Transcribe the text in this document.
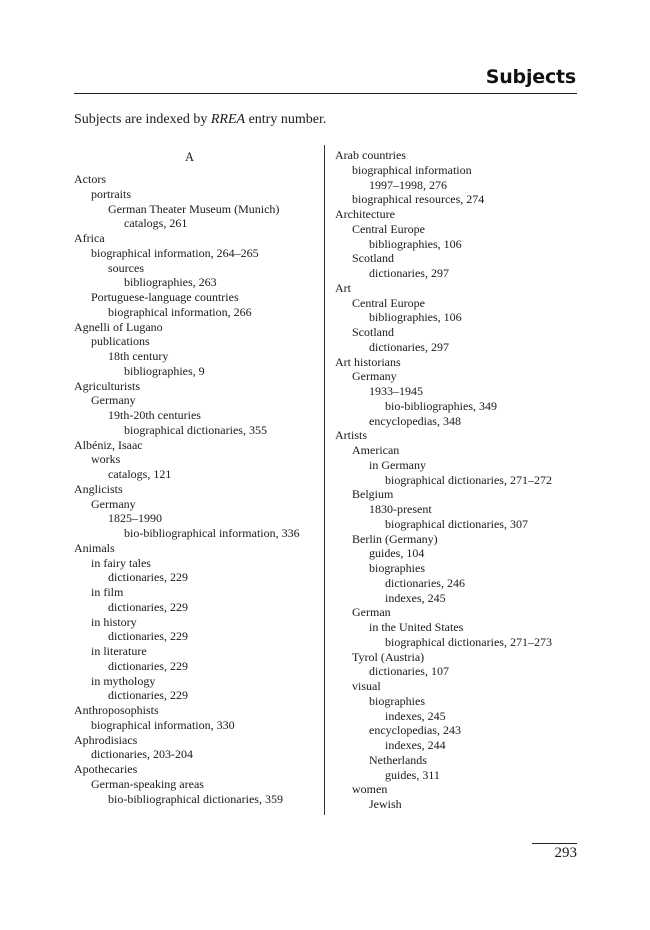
Subjects
Subjects are indexed by RREA entry number.
A
Actors
portraits
German Theater Museum (Munich)
catalogs, 261
Africa
biographical information, 264–265
sources
bibliographies, 263
Portuguese-language countries
biographical information, 266
Agnelli of Lugano
publications
18th century
bibliographies, 9
Agriculturists
Germany
19th-20th centuries
biographical dictionaries, 355
Albéniz, Isaac
works
catalogs, 121
Anglicists
Germany
1825–1990
bio-bibliographical information, 336
Animals
in fairy tales
dictionaries, 229
in film
dictionaries, 229
in history
dictionaries, 229
in literature
dictionaries, 229
in mythology
dictionaries, 229
Anthroposophists
biographical information, 330
Aphrodisiacs
dictionaries, 203-204
Apothecaries
German-speaking areas
bio-bibliographical dictionaries, 359
Arab countries
biographical information
1997–1998, 276
biographical resources, 274
Architecture
Central Europe
bibliographies, 106
Scotland
dictionaries, 297
Art
Central Europe
bibliographies, 106
Scotland
dictionaries, 297
Art historians
Germany
1933–1945
bio-bibliographies, 349
encyclopedias, 348
Artists
American
in Germany
biographical dictionaries, 271–272
Belgium
1830-present
biographical dictionaries, 307
Berlin (Germany)
guides, 104
biographies
dictionaries, 246
indexes, 245
German
in the United States
biographical dictionaries, 271–273
Tyrol (Austria)
dictionaries, 107
visual
biographies
indexes, 245
encyclopedias, 243
indexes, 244
Netherlands
guides, 311
women
Jewish
293
